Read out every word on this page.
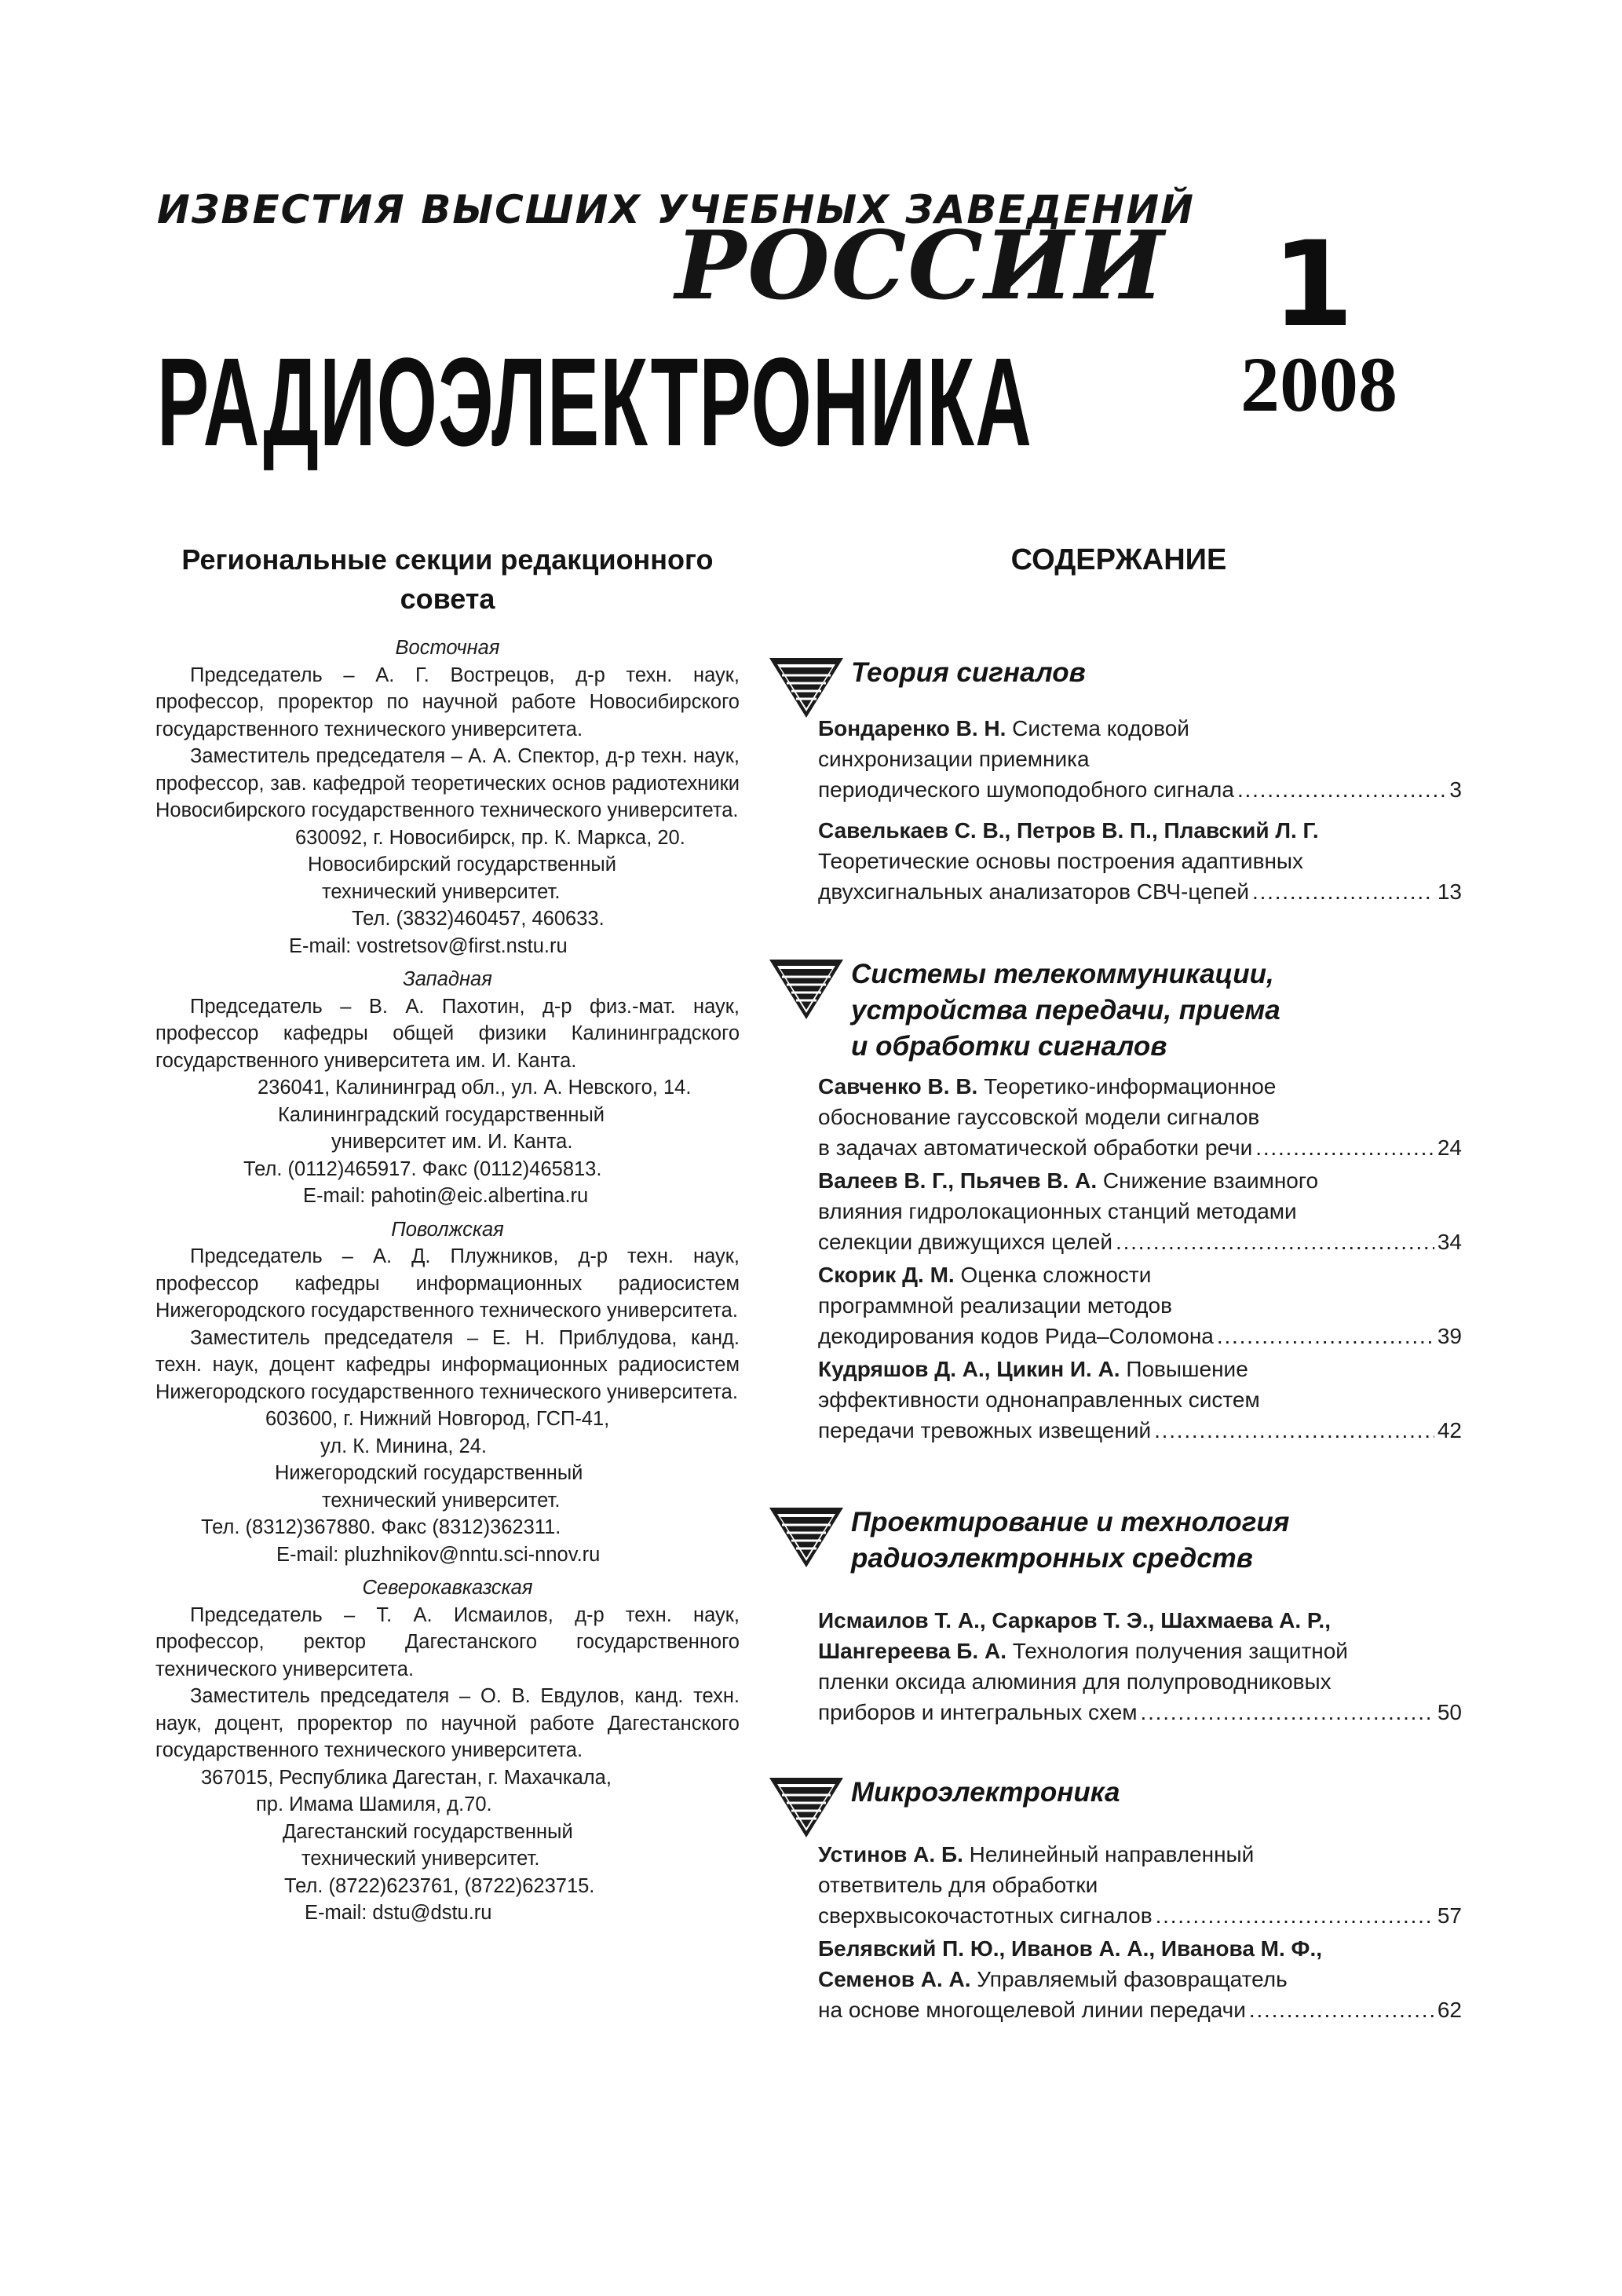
ИЗВЕСТИЯ ВЫСШИХ УЧЕБНЫХ ЗАВЕДЕНИЙ
РОССИИ
РАДИОЭЛЕКТРОНИКА
1
2008
Региональные секции редакционного совета
Восточная

Председатель – А. Г. Вострецов, д-р техн. наук, профессор, проректор по научной работе Новосибирского государственного технического университета.

Заместитель председателя – А. А. Спектор, д-р техн. наук, профессор, зав. кафедрой теоретических основ радиотехники Новосибирского государственного технического университета.

630092, г. Новосибирск, пр. К. Маркса, 20.

Новосибирский государственный

технический университет.

Тел. (3832)460457, 460633.

E-mail: vostretsov@first.nstu.ru

Западная

Председатель – В. А. Пахотин, д-р физ.-мат. наук, профессор кафедры общей физики Калининградского государственного университета им. И. Канта.

236041, Калининград обл., ул. А. Невского, 14.

Калининградский государственный

университет им. И. Канта.

Тел. (0112)465917. Факс (0112)465813.

E-mail: pahotin@eic.albertina.ru

Поволжская

Председатель – А. Д. Плужников, д-р техн. наук, профессор кафедры информационных радиосистем Нижегородского государственного технического университета.

Заместитель председателя – Е. Н. Приблудова, канд. техн. наук, доцент кафедры информационных радиосистем Нижегородского государственного технического университета.

603600, г. Нижний Новгород, ГСП-41,

ул. К. Минина, 24.

Нижегородский государственный

технический университет.

Тел. (8312)367880. Факс (8312)362311.

E-mail: pluzhnikov@nntu.sci-nnov.ru

Северокавказская

Председатель – Т. А. Исмаилов, д-р техн. наук, профессор, ректор Дагестанского государственного технического университета.

Заместитель председателя – О. В. Евдулов, канд. техн. наук, доцент, проректор по научной работе Дагестанского государственного технического университета.

367015, Республика Дагестан, г. Махачкала,

пр. Имама Шамиля, д.70.

Дагестанский государственный

технический университет.

Тел. (8722)623761, (8722)623715.

E-mail: dstu@dstu.ru

СОДЕРЖАНИЕ
Теория сигналов
Бондаренко В. Н. Система кодовой
синхронизации приемника
периодического шумоподобного сигнала . . .	3
Савелькаев С. В., Петров В. П., Плавский Л. Г.
Теоретические основы построения адаптивных
двухсигнальных анализаторов СВЧ-цепей . . .	13
Системы телекоммуникации,
устройства передачи, приема
и обработки сигналов
Савченко В. В. Теоретико-информационное
обоснование гауссовской модели сигналов
в задачах автоматической обработки речи . . .	24
Валеев В. Г., Пьячев В. А. Снижение взаимного
влияния гидролокационных станций методами
селекции движущихся целей . . .	34
Скорик Д. М. Оценка сложности
программной реализации методов
декодирования кодов Рида–Соломона . . .	39
Кудряшов Д. А., Цикин И. А. Повышение
эффективности однонаправленных систем
передачи тревожных извещений . . .	42
Проектирование и технология
радиоэлектронных средств
Исмаилов Т. А., Саркаров Т. Э., Шахмаева А. Р.,
Шангереева Б. А. Технология получения защитной
пленки оксида алюминия для полупроводниковых
приборов и интегральных схем . . .	50
Микроэлектроника
Устинов А. Б. Нелинейный направленный
ответвитель для обработки
сверхвысокочастотных сигналов . . .	57
Белявский П. Ю., Иванов А. А., Иванова М. Ф.,
Семенов А. А. Управляемый фазовращатель
на основе многощелевой линии передачи . . .	62
